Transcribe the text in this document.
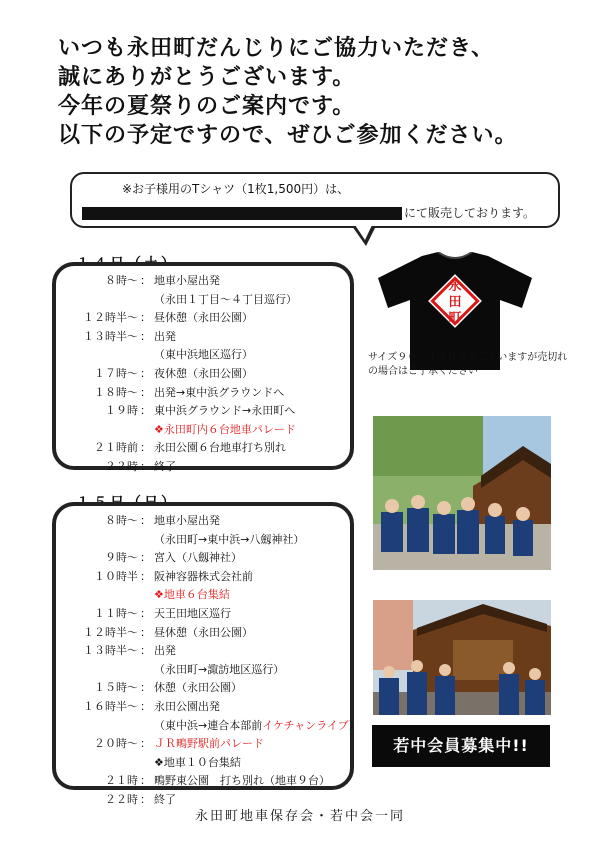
いつも永田町だんじりにご協力いただき、
誠にありがとうございます。
今年の夏祭りのご案内です。
以下の予定ですので、ぜひご参加ください。
※お子様用のTシャツ（1枚1,500円）は、
にて販売しております。
８時〜 ： 地車小屋出発
（永田１丁目〜４丁目巡行）
１２時半〜 ： 昼休憩（永田公園）
１３時半〜 ： 出発
（東中浜地区巡行）
１７時〜 ： 夜休憩（永田公園）
１８時〜 ： 出発→東中浜グラウンドへ
１９時 ： 東中浜グラウンド→永田町へ
❖永田町内６台地車パレード
２１時前 ： 永田公園６台地車打ち別れ
２２時 ： 終了
８時〜 ： 地車小屋出発
（永田町→東中浜→八劔神社）
９時〜 ： 宮入（八劔神社）
１０時半 ： 阪神容器株式会社前
❖地車６台集結
１１時〜 ： 天王田地区巡行
１２時半〜 ： 昼休憩（永田公園）
１３時半〜 ： 出発
（永田町→諏訪地区巡行）
１５時〜 ： 休憩（永田公園）
１６時半〜 ： 永田公園出発
（東中浜→連合本部前イケチャンライブ）
２０時〜 ： ＪＲ鴫野駅前パレード
❖地車１０台集結
２１時 ： 鴫野東公園　打ち別れ（地車９台）
２２時 ： 終了
永
田
町
サイズ９０〜１５０までございますが売切れの場合はご了承ください
若中会員募集中!!
永田町地車保存会・若中会一同
